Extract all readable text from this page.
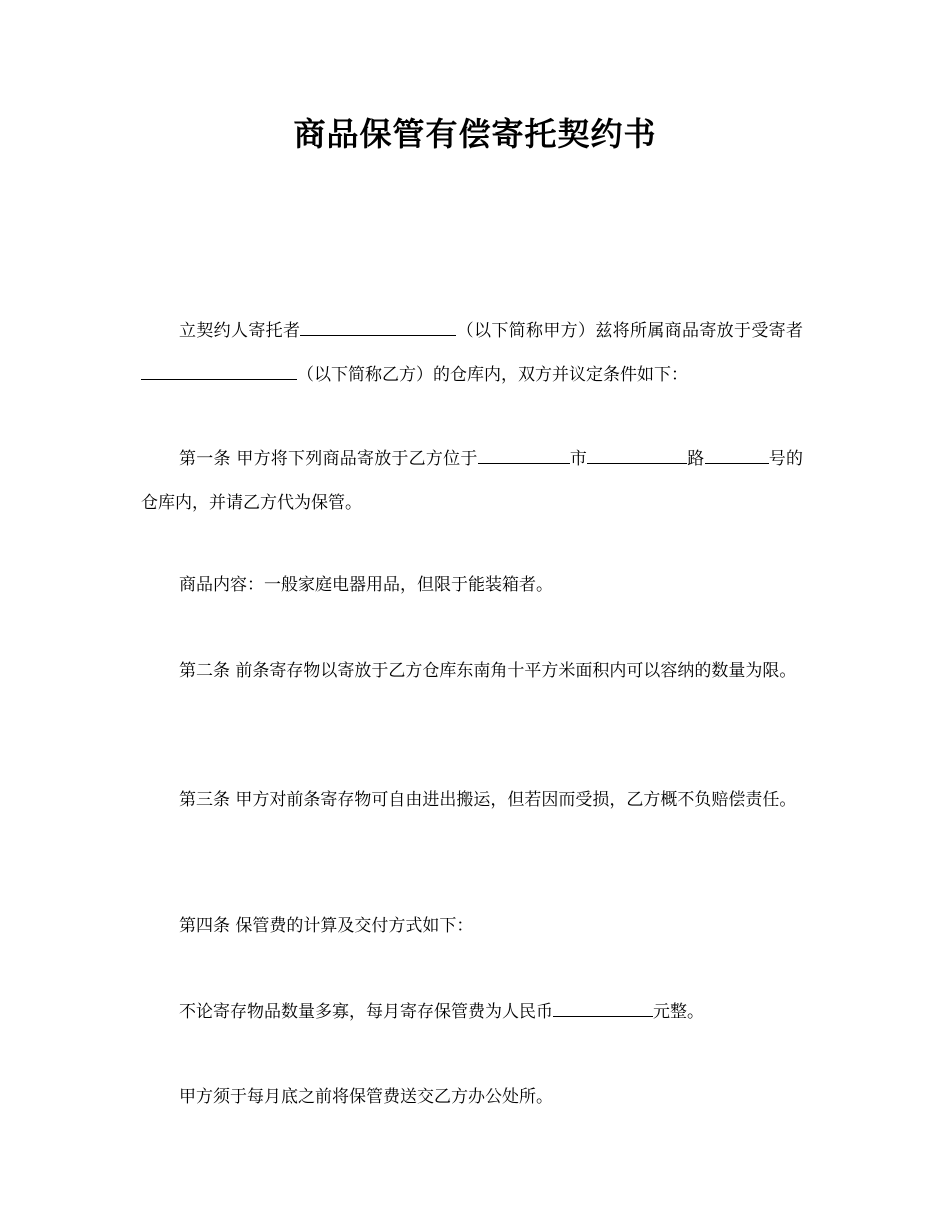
商品保管有偿寄托契约书
立契约人寄托者	（以下简称甲方）兹将所属商品寄放于受寄者（以下简称乙方）的仓库内，双方并议定条件如下：
第一条 甲方将下列商品寄放于乙方位于	市	路	号的仓库内，并请乙方代为保管。
商品内容：一般家庭电器用品，但限于能装箱者。
第二条 前条寄存物以寄放于乙方仓库东南角十平方米面积内可以容纳的数量为限。
第三条 甲方对前条寄存物可自由进出搬运，但若因而受损，乙方概不负赔偿责任。
第四条 保管费的计算及交付方式如下：
不论寄存物品数量多寡，每月寄存保管费为人民币	元整。
甲方须于每月底之前将保管费送交乙方办公处所。
